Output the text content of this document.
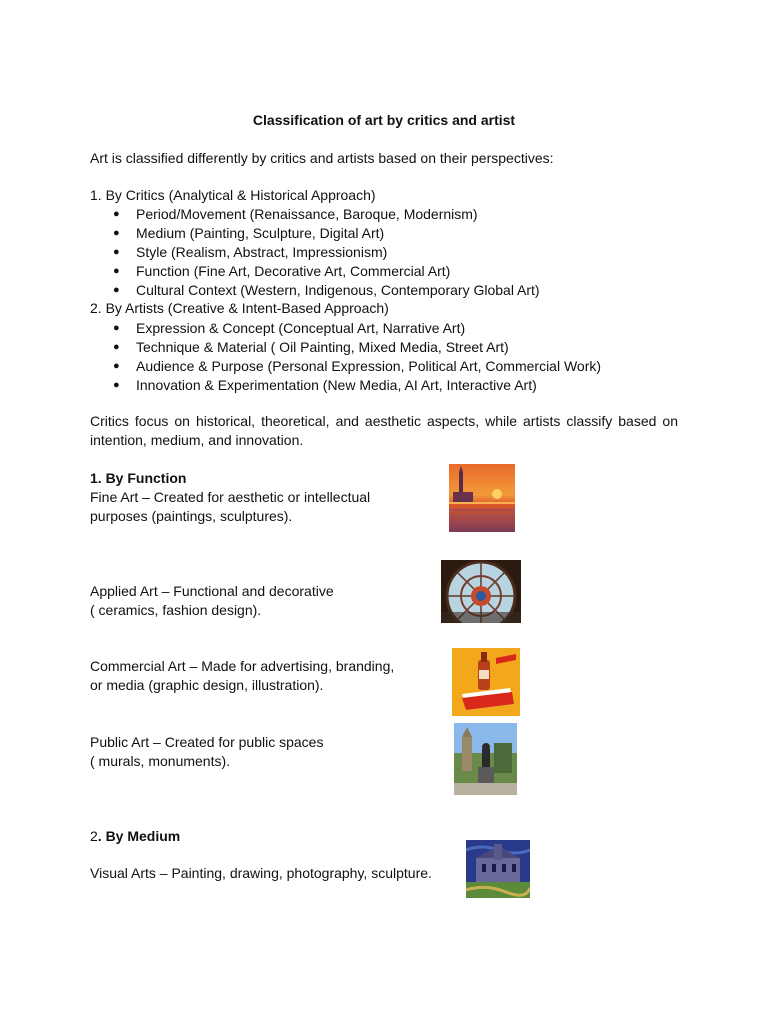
Classification of art by critics and artist
Art is classified differently by critics and artists based on their perspectives:
1. By Critics (Analytical & Historical Approach)
● Period/Movement (Renaissance, Baroque, Modernism)
● Medium (Painting, Sculpture, Digital Art)
● Style (Realism, Abstract, Impressionism)
● Function (Fine Art, Decorative Art, Commercial Art)
● Cultural Context (Western, Indigenous, Contemporary Global Art)
2. By Artists (Creative & Intent-Based Approach)
● Expression & Concept (Conceptual Art, Narrative Art)
● Technique & Material ( Oil Painting, Mixed Media, Street Art)
● Audience & Purpose (Personal Expression, Political Art, Commercial Work)
● Innovation & Experimentation (New Media, AI Art, Interactive Art)
Critics focus on historical, theoretical, and aesthetic aspects, while artists classify based on intention, medium, and innovation.
1. By Function
Fine Art – Created for aesthetic or intellectual
purposes (paintings, sculptures).
Applied Art – Functional and decorative
( ceramics, fashion design).
Commercial Art – Made for advertising, branding,
or media (graphic design, illustration).
Public Art – Created for public spaces
( murals, monuments).
2. By Medium
Visual Arts – Painting, drawing, photography, sculpture.
